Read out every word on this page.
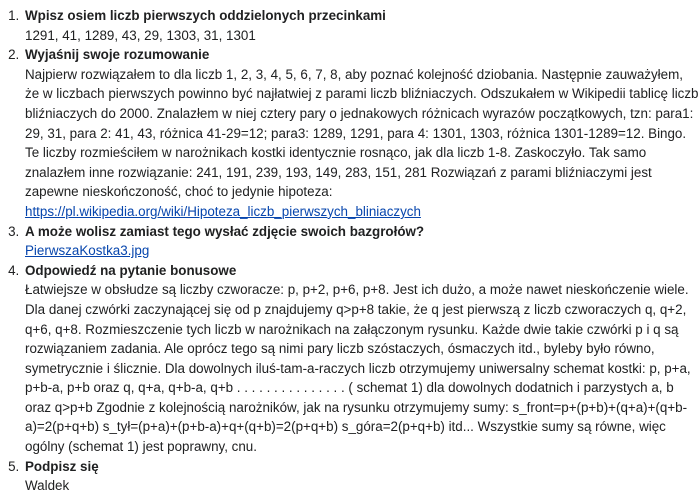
1. Wpisz osiem liczb pierwszych oddzielonych przecinkami
1291, 41, 1289, 43, 29, 1303, 31, 1301
2. Wyjaśnij swoje rozumowanie
Najpierw rozwiązałem to dla liczb 1, 2, 3, 4, 5, 6, 7, 8, aby poznać kolejność dziobania. Następnie zauważyłem, że w liczbach pierwszych powinno być najłatwiej z parami liczb bliźniaczych. Odszukałem w Wikipedii tablicę liczb bliźniaczych do 2000. Znalazłem w niej cztery pary o jednakowych różnicach wyrazów początkowych, tzn: para1: 29, 31, para 2: 41, 43, różnica 41-29=12; para3: 1289, 1291, para 4: 1301, 1303, różnica 1301-1289=12. Bingo. Te liczby rozmieściłem w narożnikach kostki identycznie rosnąco, jak dla liczb 1-8. Zaskoczyło. Tak samo znalazłem inne rozwiązanie: 241, 191, 239, 193, 149, 283, 151, 281 Rozwiązań z parami bliźniaczymi jest zapewne nieskończoność, choć to jedynie hipoteza: https://pl.wikipedia.org/wiki/Hipoteza_liczb_pierwszych_bliniaczych
3. A może wolisz zamiast tego wysłać zdjęcie swoich bazgrołów?
PierwszaKostka3.jpg
4. Odpowiedź na pytanie bonusowe
Łatwiejsze w obsłudze są liczby czworacze: p, p+2, p+6, p+8. Jest ich dużo, a może nawet nieskończenie wiele. Dla danej czwórki zaczynającej się od p znajdujemy q>p+8 takie, że q jest pierwszą z liczb czworaczych q, q+2, q+6, q+8. Rozmieszczenie tych liczb w narożnikach na załączonym rysunku. Każde dwie takie czwórki p i q są rozwiązaniem zadania. Ale oprócz tego są nimi pary liczb szóstaczych, ósmaczych itd., byleby było równo, symetrycznie i ślicznie. Dla dowolnych iluś-tam-a-raczych liczb otrzymujemy uniwersalny schemat kostki: p, p+a, p+b-a, p+b oraz q, q+a, q+b-a, q+b . . . . . . . . . . . . . . . ( schemat 1) dla dowolnych dodatnich i parzystych a, b oraz q>p+b Zgodnie z kolejnością narożników, jak na rysunku otrzymujemy sumy: s_front=p+(p+b)+(q+a)+(q+b-a)=2(p+q+b) s_tył=(p+a)+(p+b-a)+q+(q+b)=2(p+q+b) s_góra=2(p+q+b) itd... Wszystkie sumy są równe, więc ogólny (schemat 1) jest poprawny, cnu.
5. Podpisz się
Waldek
